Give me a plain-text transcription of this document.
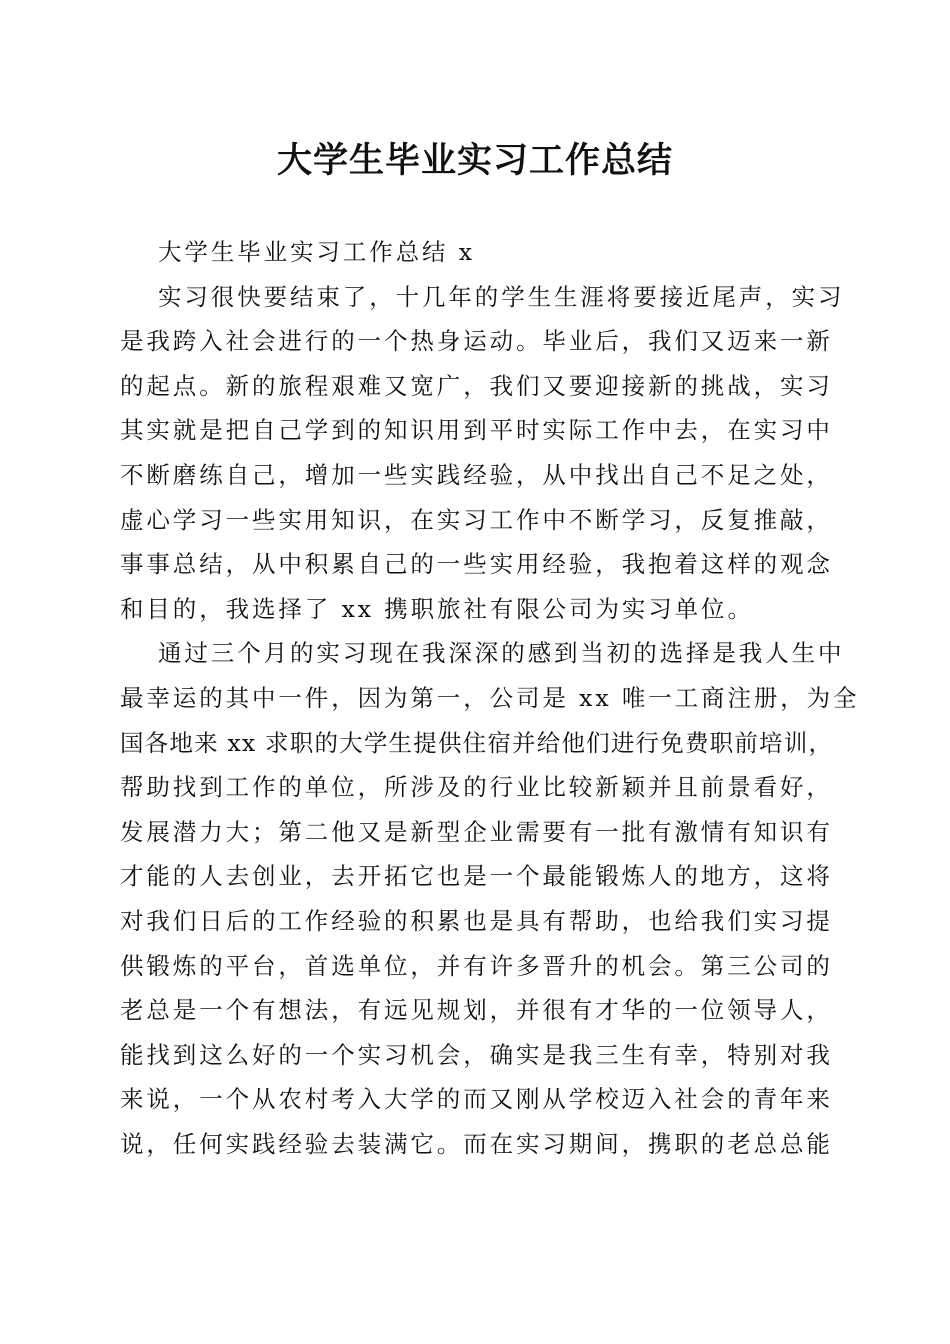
大学生毕业实习工作总结
大学生毕业实习工作总结 x
实习很快要结束了，十几年的学生生涯将要接近尾声，实习
是我跨入社会进行的一个热身运动。毕业后，我们又迈来一新
的起点。新的旅程艰难又宽广，我们又要迎接新的挑战，实习
其实就是把自己学到的知识用到平时实际工作中去，在实习中
不断磨练自己，增加一些实践经验，从中找出自己不足之处，
虚心学习一些实用知识，在实习工作中不断学习，反复推敲，
事事总结，从中积累自己的一些实用经验，我抱着这样的观念
和目的，我选择了 xx 携职旅社有限公司为实习单位。
通过三个月的实习现在我深深的感到当初的选择是我人生中
最幸运的其中一件，因为第一，公司是 xx 唯一工商注册，为全
国各地来 xx 求职的大学生提供住宿并给他们进行免费职前培训，
帮助找到工作的单位，所涉及的行业比较新颖并且前景看好，
发展潜力大；第二他又是新型企业需要有一批有激情有知识有
才能的人去创业，去开拓它也是一个最能锻炼人的地方，这将
对我们日后的工作经验的积累也是具有帮助，也给我们实习提
供锻炼的平台，首选单位，并有许多晋升的机会。第三公司的
老总是一个有想法，有远见规划，并很有才华的一位领导人，
能找到这么好的一个实习机会，确实是我三生有幸，特别对我
来说，一个从农村考入大学的而又刚从学校迈入社会的青年来
说，任何实践经验去装满它。而在实习期间，携职的老总总能
